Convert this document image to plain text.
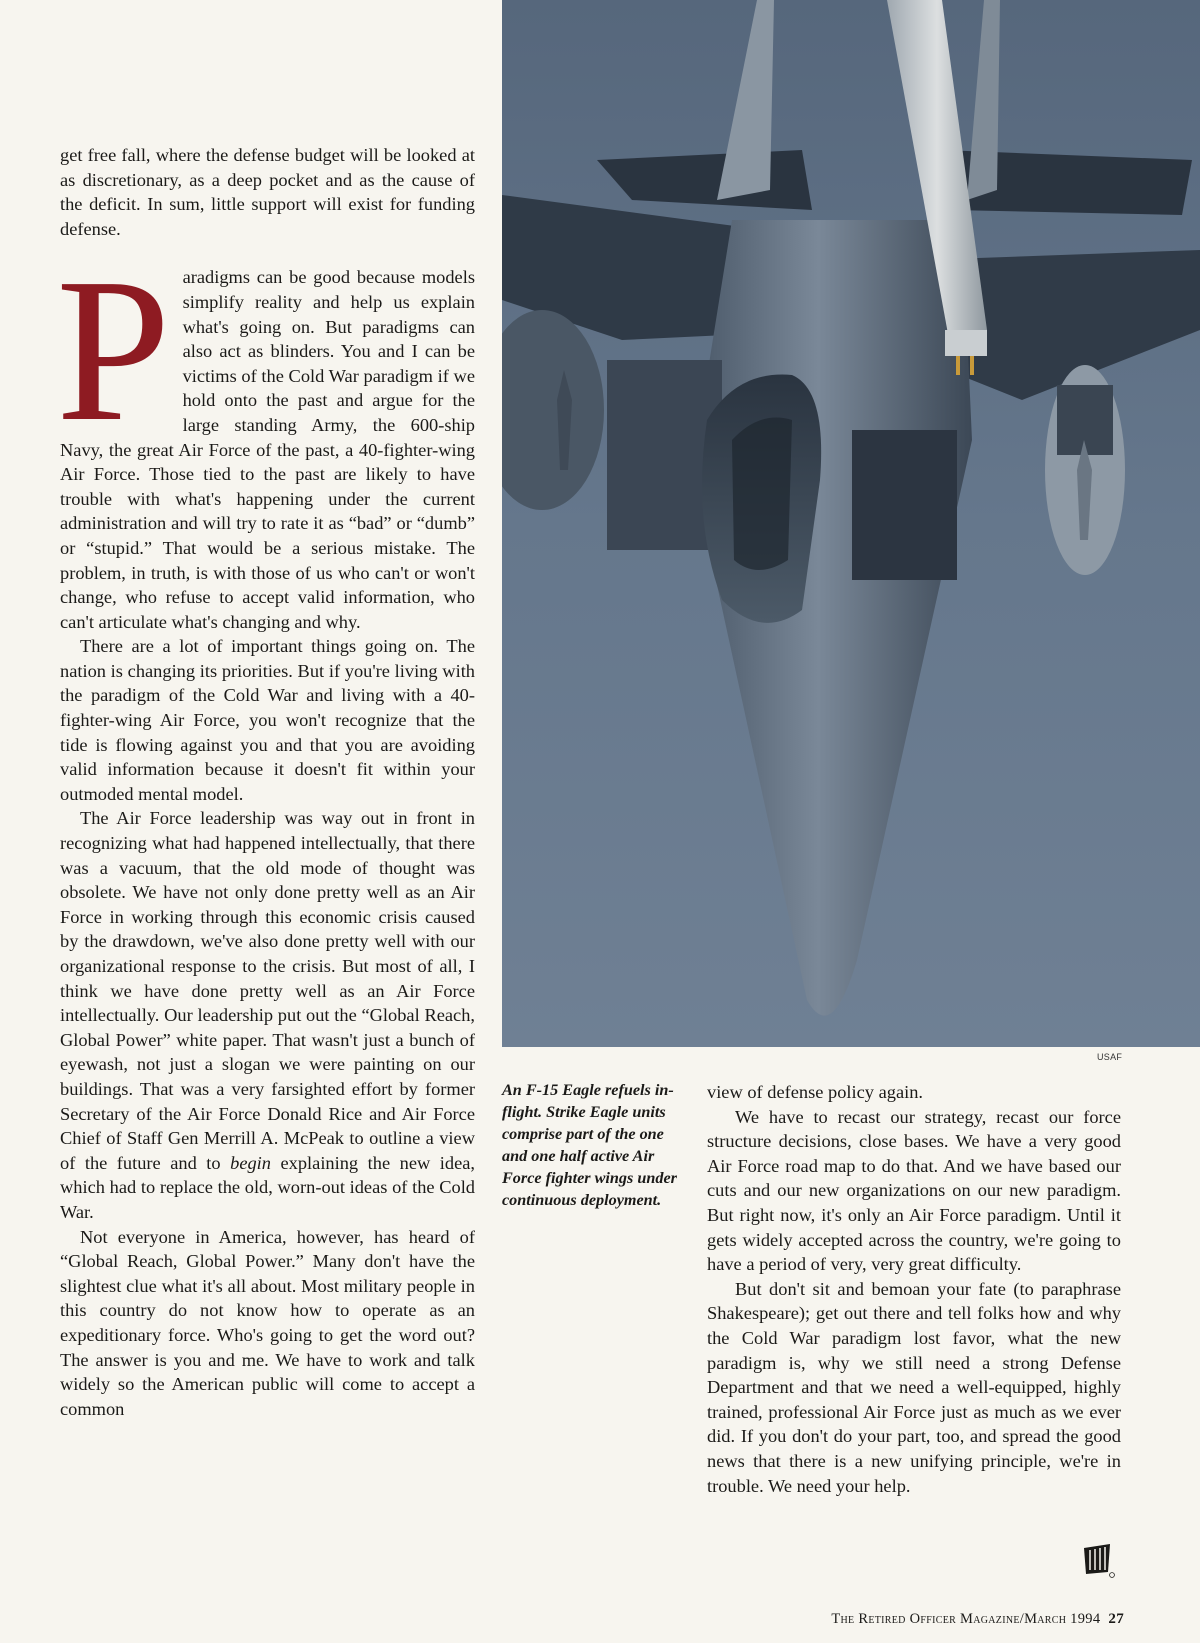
USAF

get free fall, where the defense budget will be looked at as discretionary, as a deep pocket and as the cause of the deficit. In sum, little support will exist for funding defense.

Paradigms can be good because models simplify reality and help us explain what's going on. But paradigms can also act as blinders. You and I can be victims of the Cold War paradigm if we hold onto the past and argue for the large standing Army, the 600-ship Navy, the great Air Force of the past, a 40-fighter-wing Air Force. Those tied to the past are likely to have trouble with what's happening under the current administration and will try to rate it as “bad” or “dumb” or “stupid.” That would be a serious mistake. The problem, in truth, is with those of us who can't or won't change, who refuse to accept valid information, who can't articulate what's changing and why.

There are a lot of important things going on. The nation is changing its priorities. But if you're living with the paradigm of the Cold War and living with a 40-fighter-wing Air Force, you won't recognize that the tide is flowing against you and that you are avoiding valid information because it doesn't fit within your outmoded mental model.

The Air Force leadership was way out in front in recognizing what had happened intellectually, that there was a vacuum, that the old mode of thought was obsolete. We have not only done pretty well as an Air Force in working through this economic crisis caused by the drawdown, we've also done pretty well with our organizational response to the crisis. But most of all, I think we have done pretty well as an Air Force intellectually. Our leadership put out the “Global Reach, Global Power” white paper. That wasn't just a bunch of eyewash, not just a slogan we were painting on our buildings. That was a very farsighted effort by former Secretary of the Air Force Donald Rice and Air Force Chief of Staff Gen Merrill A. McPeak to outline a view of the future and to begin explaining the new idea, which had to replace the old, worn-out ideas of the Cold War.

Not everyone in America, however, has heard of “Global Reach, Global Power.” Many don't have the slightest clue what it's all about. Most military people in this country do not know how to operate as an expeditionary force. Who's going to get the word out? The answer is you and me. We have to work and talk widely so the American public will come to accept a common

An F-15 Eagle refuels in-flight. Strike Eagle units comprise part of the one and one half active Air Force fighter wings under continuous deployment.

view of defense policy again.

We have to recast our strategy, recast our force structure decisions, close bases. We have a very good Air Force road map to do that. And we have based our cuts and our new organizations on our new paradigm. But right now, it's only an Air Force paradigm. Until it gets widely accepted across the country, we're going to have a period of very, very great difficulty.

But don't sit and bemoan your fate (to paraphrase Shakespeare); get out there and tell folks how and why the Cold War paradigm lost favor, what the new paradigm is, why we still need a strong Defense Department and that we need a well-equipped, highly trained, professional Air Force just as much as we ever did. If you don't do your part, too, and spread the good news that there is a new unifying principle, we're in trouble. We need your help.

The Retired Officer Magazine/March 1994 27
